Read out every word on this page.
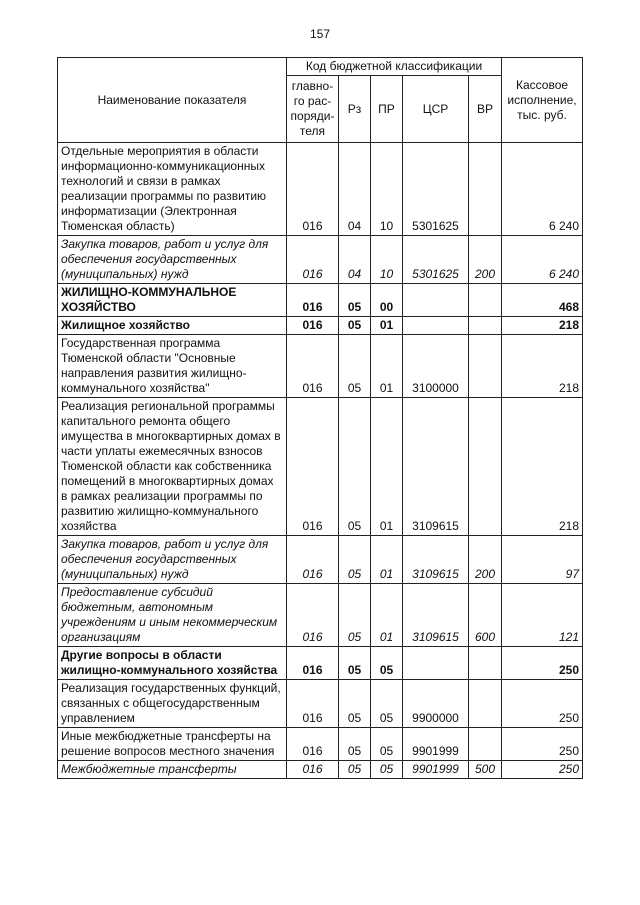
157
Наименование показателя	Код бюджетной классификации					Кассовое исполнение, тыс. руб.
	главно-го рас-поряди-теля	Рз	ПР	ЦСР	ВР	
Отдельные мероприятия в области информационно-коммуникационных технологий и связи в рамках реализации программы по развитию информатизации (Электронная Тюменская область)	016	04	10	5301625		6 240
Закупка товаров, работ и услуг для обеспечения государственных (муниципальных) нужд	016	04	10	5301625	200	6 240
ЖИЛИЩНО-КОММУНАЛЬНОЕ ХОЗЯЙСТВО	016	05	00			468
Жилищное хозяйство	016	05	01			218
Государственная программа Тюменской области "Основные направления развития жилищно-коммунального хозяйства"	016	05	01	3100000		218
Реализация региональной программы капитального ремонта общего имущества в многоквартирных домах в части уплаты ежемесячных взносов Тюменской области как собственника помещений в многоквартирных домах в рамках реализации программы по развитию жилищно-коммунального хозяйства	016	05	01	3109615		218
Закупка товаров, работ и услуг для обеспечения государственных (муниципальных) нужд	016	05	01	3109615	200	97
Предоставление субсидий бюджетным, автономным учреждениям и иным некоммерческим организациям	016	05	01	3109615	600	121
Другие вопросы в области жилищно-коммунального хозяйства	016	05	05			250
Реализация государственных функций, связанных с общегосударственным управлением	016	05	05	9900000		250
Иные межбюджетные трансферты на решение вопросов местного значения	016	05	05	9901999		250
Межбюджетные трансферты	016	05	05	9901999	500	250
